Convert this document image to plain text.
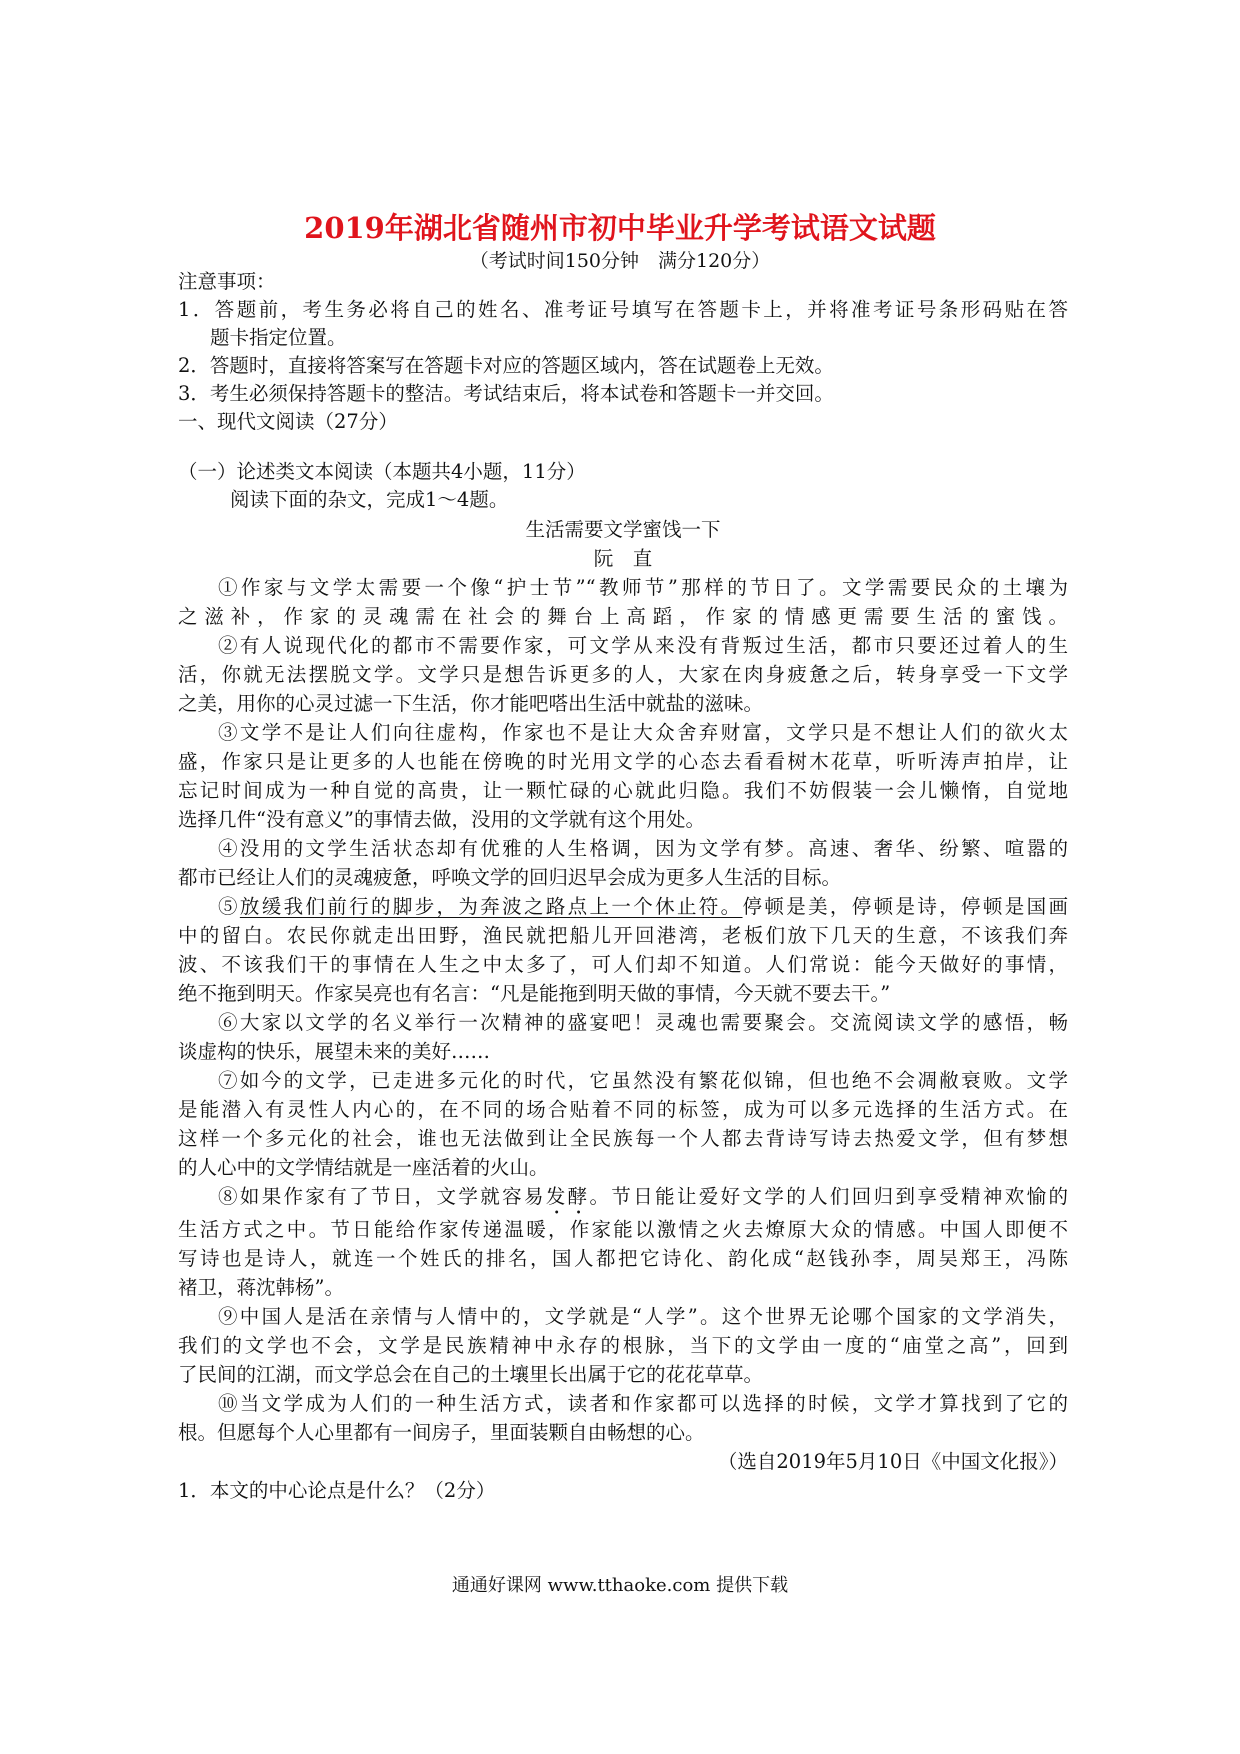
2019年湖北省随州市初中毕业升学考试语文试题
（考试时间150分钟　满分120分）
注意事项：
1．答题前，考生务必将自己的姓名、准考证号填写在答题卡上，并将准考证号条形码贴在答
题卡指定位置。
2．答题时，直接将答案写在答题卡对应的答题区域内，答在试题卷上无效。
3．考生必须保持答题卡的整洁。考试结束后，将本试卷和答题卡一并交回。
一、现代文阅读（27分）
（一）论述类文本阅读（本题共4小题，11分）
阅读下面的杂文，完成1～4题。
生活需要文学蜜饯一下
阮　直
①作家与文学太需要一个像“护士节”“教师节”那样的节日了。文学需要民众的土壤为
之滋补，作家的灵魂需在社会的舞台上高蹈，作家的情感更需要生活的蜜饯。
②有人说现代化的都市不需要作家，可文学从来没有背叛过生活，都市只要还过着人的生
活，你就无法摆脱文学。文学只是想告诉更多的人，大家在肉身疲惫之后，转身享受一下文学
之美，用你的心灵过滤一下生活，你才能吧嗒出生活中就盐的滋味。
③文学不是让人们向往虚构，作家也不是让大众舍弃财富，文学只是不想让人们的欲火太
盛，作家只是让更多的人也能在傍晚的时光用文学的心态去看看树木花草，听听涛声拍岸，让
忘记时间成为一种自觉的高贵，让一颗忙碌的心就此归隐。我们不妨假装一会儿懒惰，自觉地
选择几件“没有意义”的事情去做，没用的文学就有这个用处。
④没用的文学生活状态却有优雅的人生格调，因为文学有梦。高速、奢华、纷繁、喧嚣的
都市已经让人们的灵魂疲惫，呼唤文学的回归迟早会成为更多人生活的目标。
⑤放缓我们前行的脚步，为奔波之路点上一个休止符。停顿是美，停顿是诗，停顿是国画
中的留白。农民你就走出田野，渔民就把船儿开回港湾，老板们放下几天的生意，不该我们奔
波、不该我们干的事情在人生之中太多了，可人们却不知道。人们常说：能今天做好的事情，
绝不拖到明天。作家吴亮也有名言：“凡是能拖到明天做的事情，今天就不要去干。”
⑥大家以文学的名义举行一次精神的盛宴吧！灵魂也需要聚会。交流阅读文学的感悟，畅
谈虚构的快乐，展望未来的美好……
⑦如今的文学，已走进多元化的时代，它虽然没有繁花似锦，但也绝不会凋敝衰败。文学
是能潜入有灵性人内心的，在不同的场合贴着不同的标签，成为可以多元选择的生活方式。在
这样一个多元化的社会，谁也无法做到让全民族每一个人都去背诗写诗去热爱文学，但有梦想
的人心中的文学情结就是一座活着的火山。
⑧如果作家有了节日，文学就容易发酵。节日能让爱好文学的人们回归到享受精神欢愉的
生活方式之中。节日能给作家传递温暖，作家能以激情之火去燎原大众的情感。中国人即便不
写诗也是诗人，就连一个姓氏的排名，国人都把它诗化、韵化成“赵钱孙李，周吴郑王，冯陈
褚卫，蒋沈韩杨”。
⑨中国人是活在亲情与人情中的，文学就是“人学”。这个世界无论哪个国家的文学消失，
我们的文学也不会，文学是民族精神中永存的根脉，当下的文学由一度的“庙堂之高”，回到
了民间的江湖，而文学总会在自己的土壤里长出属于它的花花草草。
⑩当文学成为人们的一种生活方式，读者和作家都可以选择的时候，文学才算找到了它的
根。但愿每个人心里都有一间房子，里面装颗自由畅想的心。
（选自2019年5月10日《中国文化报》）
1．本文的中心论点是什么？（2分）
通通好课网 www.tthaoke.com 提供下载
